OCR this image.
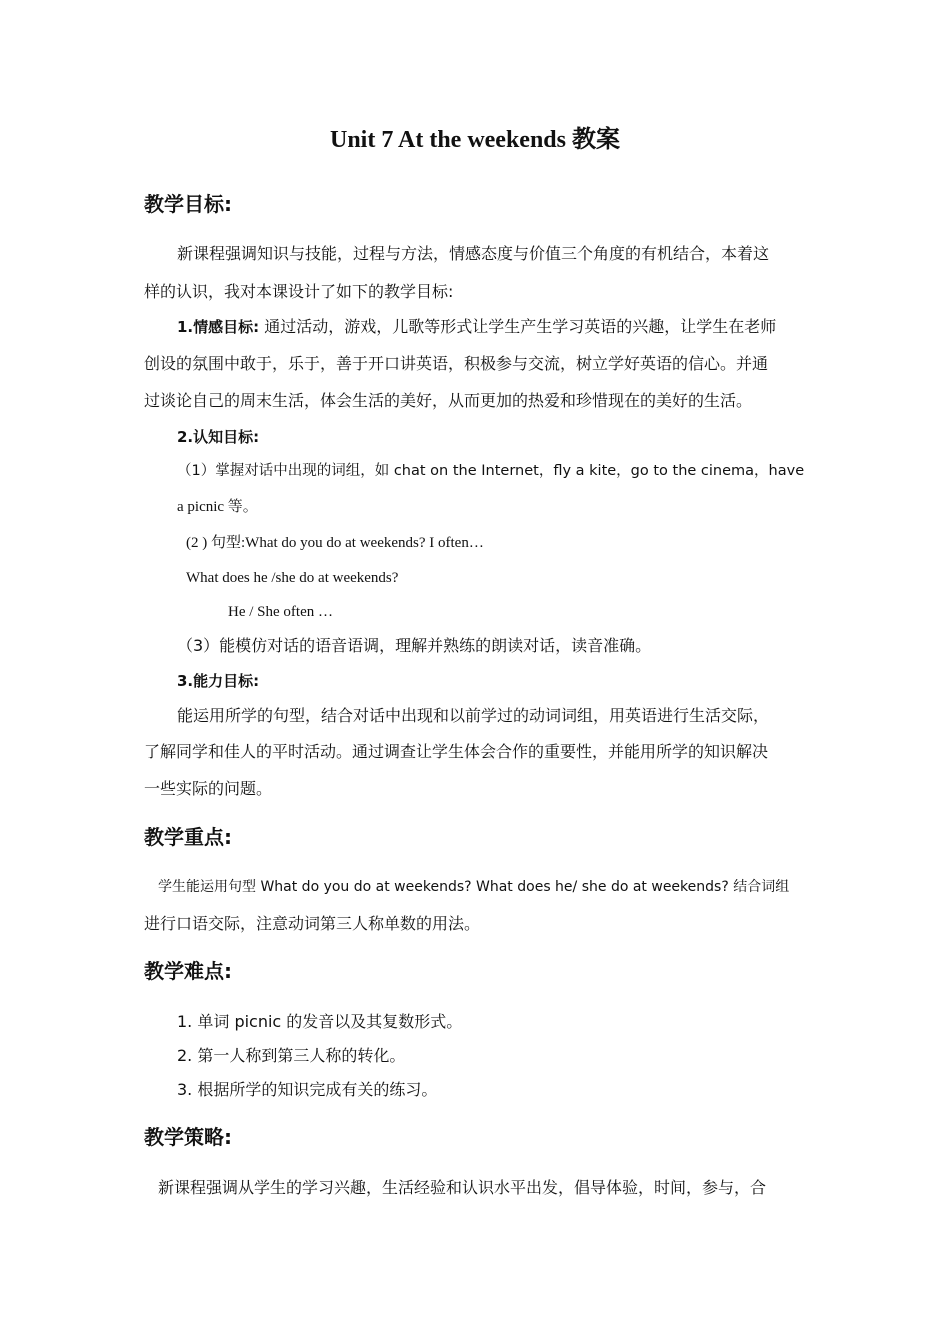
Unit 7 At the weekends 教案
教学目标:
新课程强调知识与技能，过程与方法，情感态度与价值三个角度的有机结合，本着这
样的认识，我对本课设计了如下的教学目标:
1.情感目标: 通过活动，游戏，儿歌等形式让学生产生学习英语的兴趣，让学生在老师
创设的氛围中敢于，乐于，善于开口讲英语，积极参与交流，树立学好英语的信心。并通
过谈论自己的周末生活，体会生活的美好，从而更加的热爱和珍惜现在的美好的生活。
2.认知目标:
（1）掌握对话中出现的词组，如 chat on the Internet，fly a kite，go to the cinema，have
a picnic 等。
(2 ) 句型:What do you do at weekends? I often…
What does he /she do at weekends?
He / She often …
（3）能模仿对话的语音语调，理解并熟练的朗读对话，读音准确。
3.能力目标:
能运用所学的句型，结合对话中出现和以前学过的动词词组，用英语进行生活交际，
了解同学和佳人的平时活动。通过调查让学生体会合作的重要性，并能用所学的知识解决
一些实际的问题。
教学重点:
学生能运用句型 What do you do at weekends? What does he/ she do at weekends? 结合词组
进行口语交际，注意动词第三人称单数的用法。
教学难点:
1. 单词 picnic 的发音以及其复数形式。
2. 第一人称到第三人称的转化。
3. 根据所学的知识完成有关的练习。
教学策略:
新课程强调从学生的学习兴趣，生活经验和认识水平出发，倡导体验，时间，参与，合
